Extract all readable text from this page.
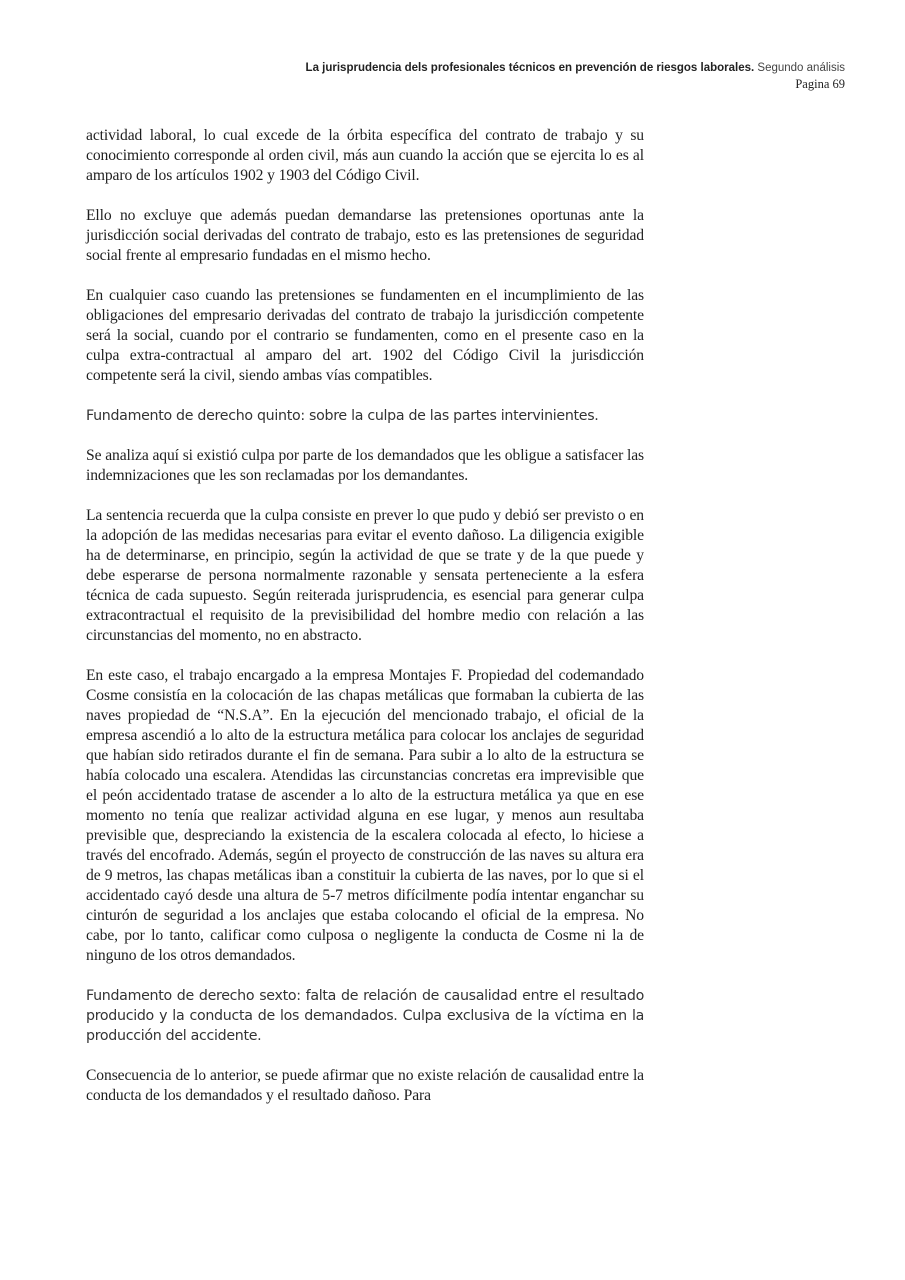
La jurisprudencia dels profesionales técnicos en prevención de riesgos laborales. Segundo análisis
Pagina 69

actividad laboral, lo cual excede de la órbita específica del contrato de trabajo y su conocimiento corresponde al orden civil, más aun cuando la acción que se ejercita lo es al amparo de los artículos 1902 y 1903 del Código Civil.

Ello no excluye que además puedan demandarse las pretensiones oportunas ante la jurisdicción social derivadas del contrato de trabajo, esto es las pretensiones de seguridad social frente al empresario fundadas en el mismo hecho.

En cualquier caso cuando las pretensiones se fundamenten en el incumplimiento de las obligaciones del empresario derivadas del contrato de trabajo la jurisdicción competente será la social, cuando por el contrario se fundamenten, como en el presente caso en la culpa extra-contractual al amparo del art. 1902 del Código Civil la jurisdicción competente será la civil, siendo ambas vías compatibles.

Fundamento de derecho quinto: sobre la culpa de las partes intervinientes.

Se analiza aquí si existió culpa por parte de los demandados que les obligue a satisfacer las indemnizaciones que les son reclamadas por los demandantes.

La sentencia recuerda que la culpa consiste en prever lo que pudo y debió ser previsto o en la adopción de las medidas necesarias para evitar el evento dañoso. La diligencia exigible ha de determinarse, en principio, según la actividad de que se trate y de la que puede y debe esperarse de persona normalmente razonable y sensata perteneciente a la esfera técnica de cada supuesto. Según reiterada jurisprudencia, es esencial para generar culpa extracontractual el requisito de la previsibilidad del hombre medio con relación a las circunstancias del momento, no en abstracto.

En este caso, el trabajo encargado a la empresa Montajes F. Propiedad del codemandado Cosme consistía en la colocación de las chapas metálicas que formaban la cubierta de las naves propiedad de “N.S.A”. En la ejecución del mencionado trabajo, el oficial de la empresa ascendió a lo alto de la estructura metálica para colocar los anclajes de seguridad que habían sido retirados durante el fin de semana. Para subir a lo alto de la estructura se había colocado una escalera. Atendidas las circunstancias concretas era imprevisible que el peón accidentado tratase de ascender a lo alto de la estructura metálica ya que en ese momento no tenía que realizar actividad alguna en ese lugar, y menos aun resultaba previsible que, despreciando la existencia de la escalera colocada al efecto, lo hiciese a través del encofrado. Además, según el proyecto de construcción de las naves su altura era de 9 metros, las chapas metálicas iban a constituir la cubierta de las naves, por lo que si el accidentado cayó desde una altura de 5-7 metros difícilmente podía intentar enganchar su cinturón de seguridad a los anclajes que estaba colocando el oficial de la empresa. No cabe, por lo tanto, calificar como culposa o negligente la conducta de Cosme ni la de ninguno de los otros demandados.

Fundamento de derecho sexto: falta de relación de causalidad entre el resultado producido y la conducta de los demandados. Culpa exclusiva de la víctima en la producción del accidente.

Consecuencia de lo anterior, se puede afirmar que no existe relación de causalidad entre la conducta de los demandados y el resultado dañoso. Para
